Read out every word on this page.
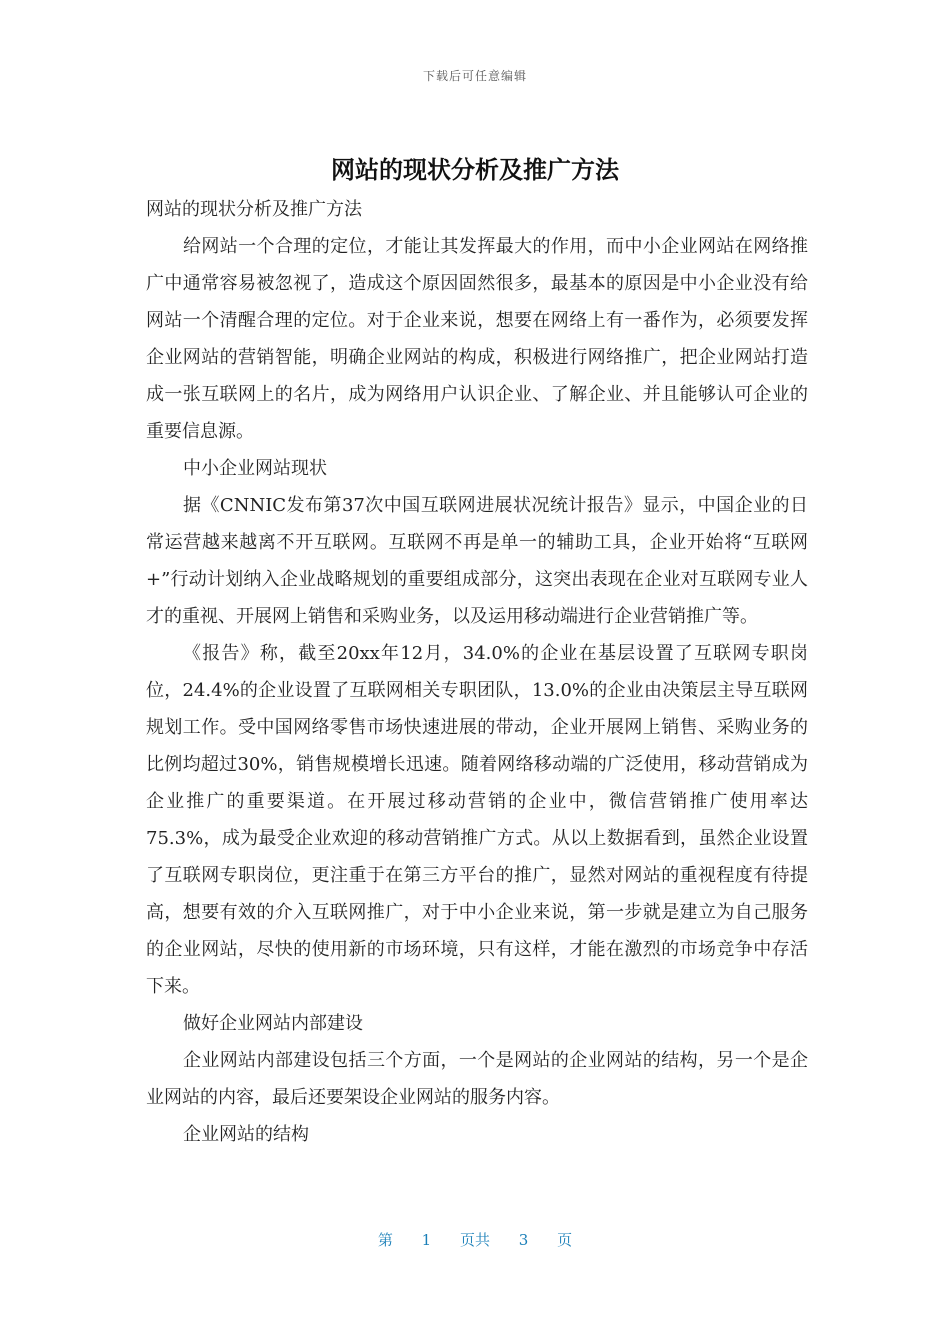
下载后可任意编辑
网站的现状分析及推广方法

网站的现状分析及推广方法

给网站一个合理的定位，才能让其发挥最大的作用，而中小企业网站在网络推广中通常容易被忽视了，造成这个原因固然很多，最基本的原因是中小企业没有给网站一个清醒合理的定位。对于企业来说，想要在网络上有一番作为，必须要发挥企业网站的营销智能，明确企业网站的构成，积极进行网络推广，把企业网站打造成一张互联网上的名片，成为网络用户认识企业、了解企业、并且能够认可企业的重要信息源。

中小企业网站现状

据《CNNIC发布第37次中国互联网进展状况统计报告》显示，中国企业的日常运营越来越离不开互联网。互联网不再是单一的辅助工具，企业开始将“互联网+”行动计划纳入企业战略规划的重要组成部分，这突出表现在企业对互联网专业人才的重视、开展网上销售和采购业务，以及运用移动端进行企业营销推广等。

《报告》称，截至20xx年12月，34.0%的企业在基层设置了互联网专职岗位，24.4%的企业设置了互联网相关专职团队，13.0%的企业由决策层主导互联网规划工作。受中国网络零售市场快速进展的带动，企业开展网上销售、采购业务的比例均超过30%，销售规模增长迅速。随着网络移动端的广泛使用，移动营销成为企业推广的重要渠道。在开展过移动营销的企业中，微信营销推广使用率达75.3%，成为最受企业欢迎的移动营销推广方式。从以上数据看到，虽然企业设置了互联网专职岗位，更注重于在第三方平台的推广，显然对网站的重视程度有待提高，想要有效的介入互联网推广，对于中小企业来说，第一步就是建立为自己服务的企业网站，尽快的使用新的市场环境，只有这样，才能在激烈的市场竞争中存活下来。

做好企业网站内部建设

企业网站内部建设包括三个方面，一个是网站的企业网站的结构，另一个是企业网站的内容，最后还要架设企业网站的服务内容。

企业网站的结构

第 1 页共 3 页
